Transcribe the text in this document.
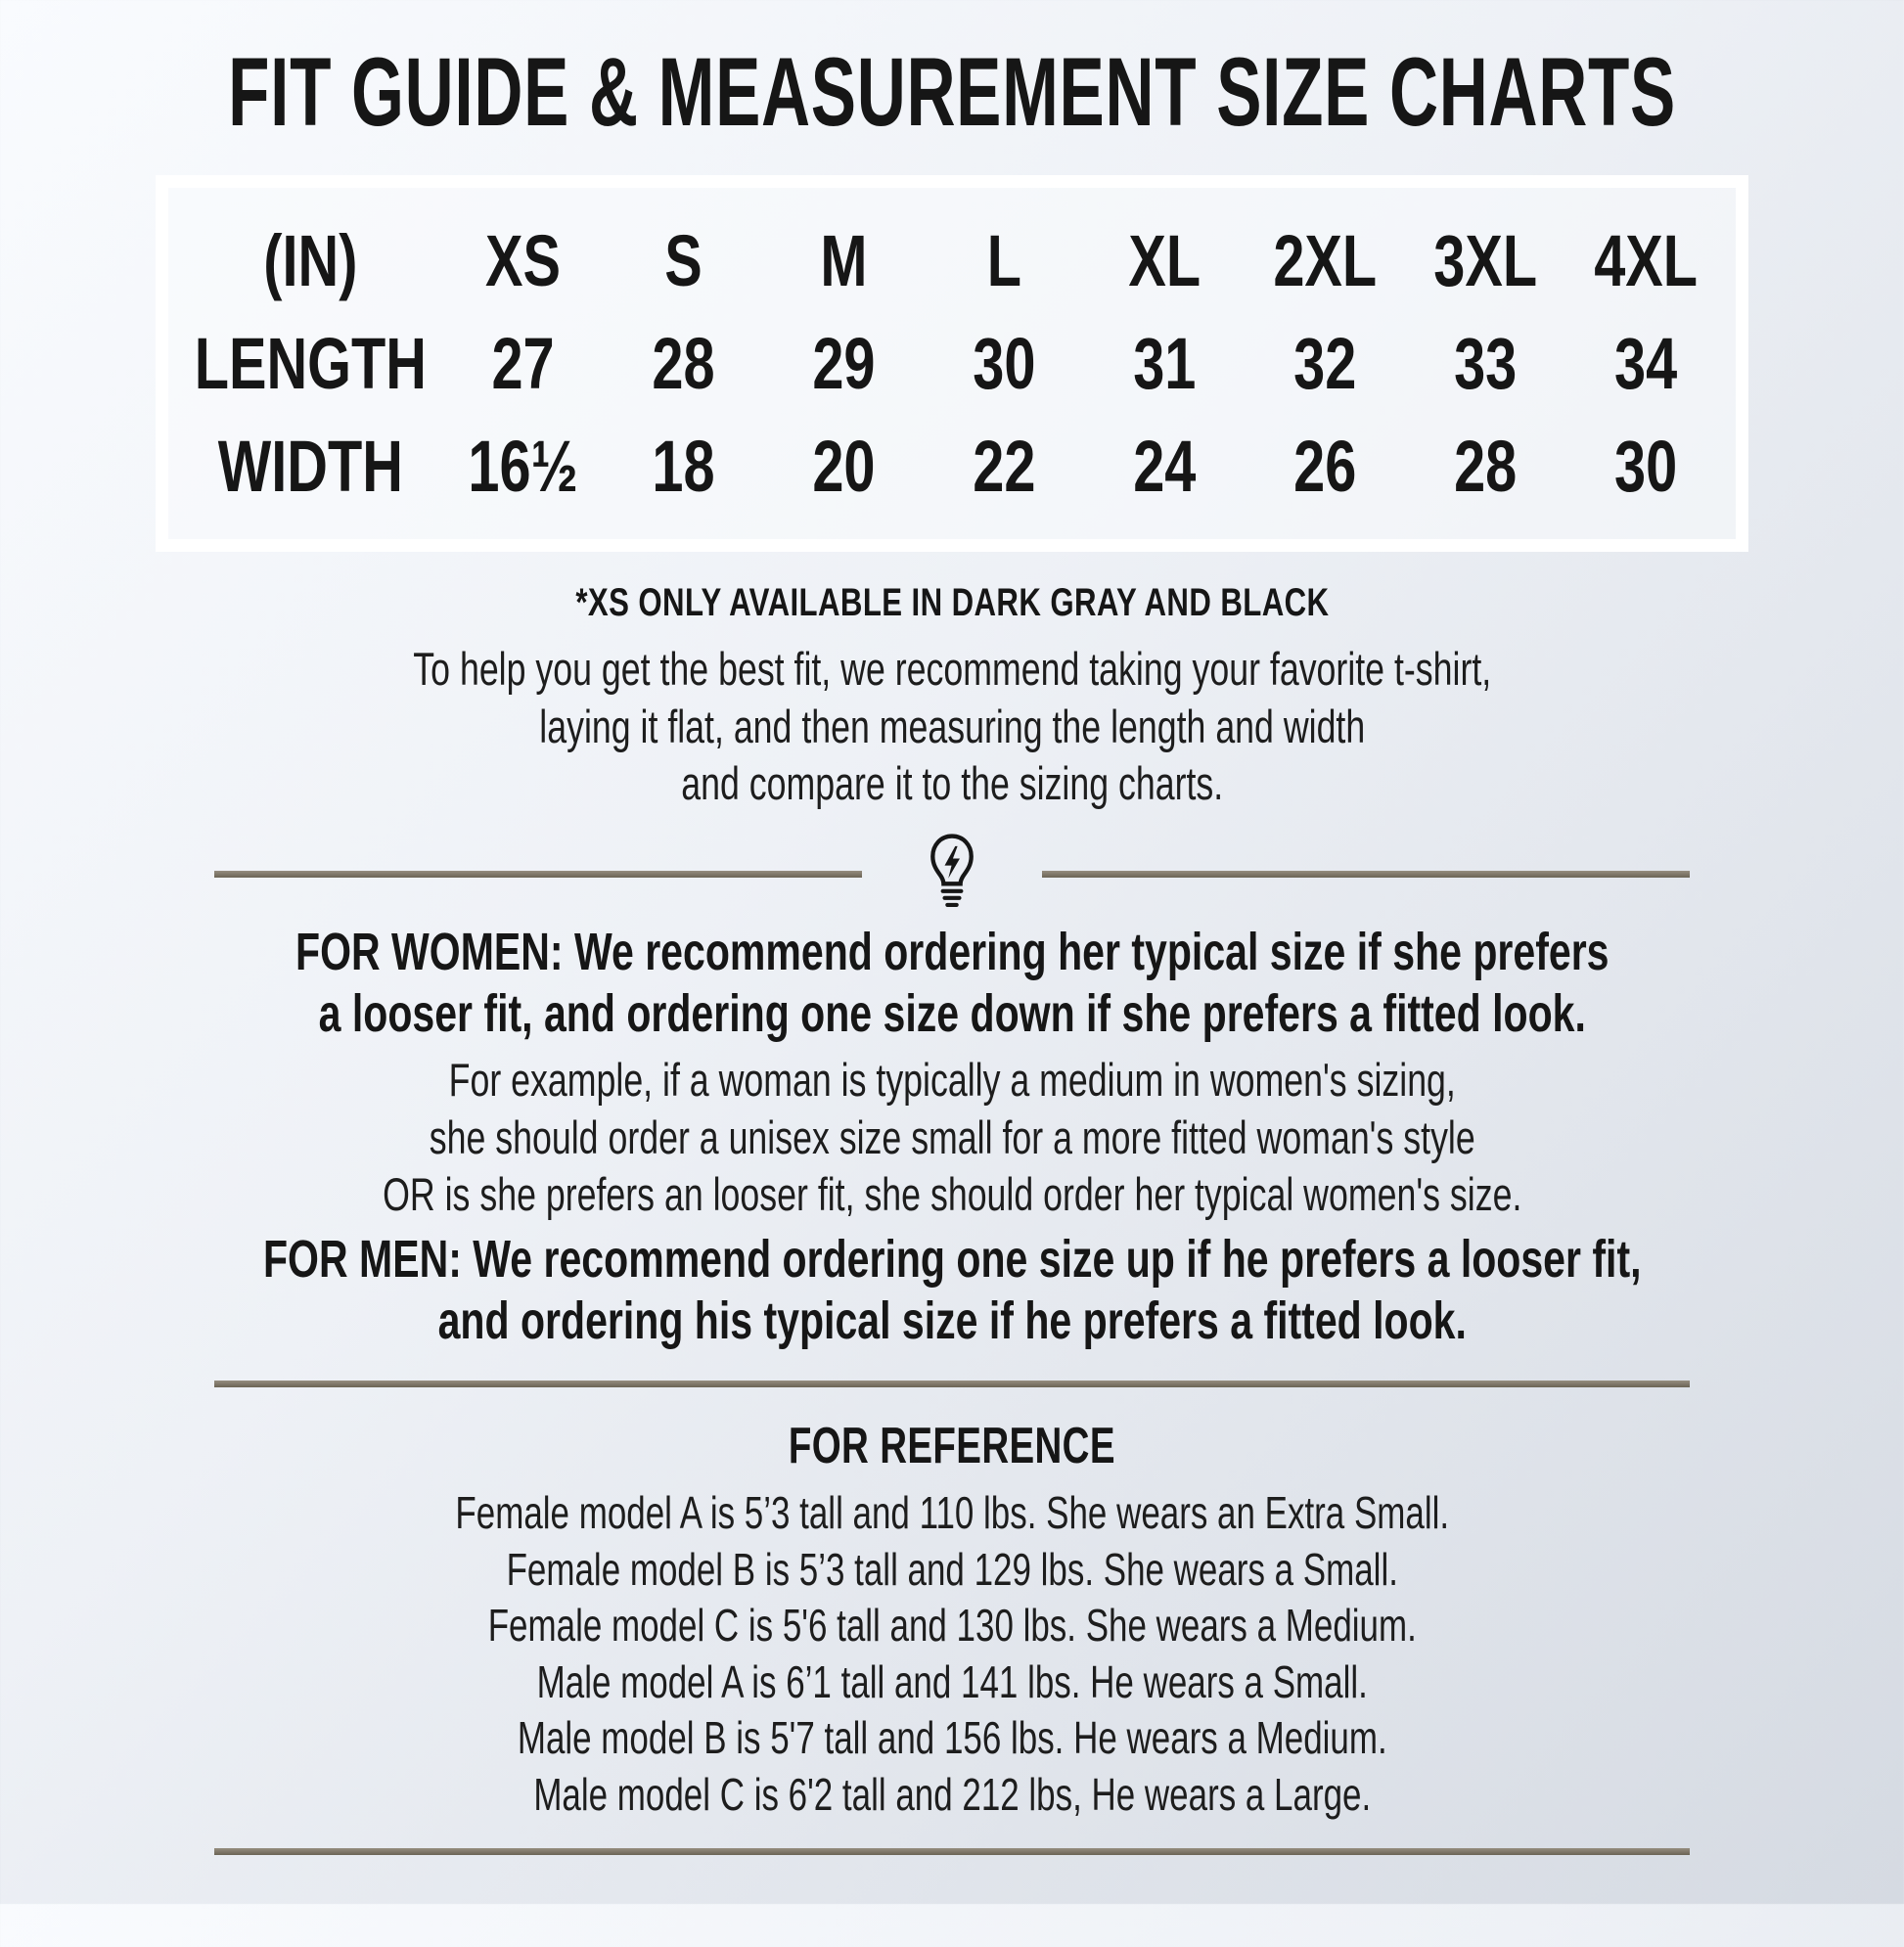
FIT GUIDE & MEASUREMENT SIZE CHARTS
(IN)	XS	S	M	L	XL	2XL 3XL 4XL
LENGTH 27	28	29	30	31	32	33	34
WIDTH 16½	18	20	22	24	26	28	30
*XS ONLY AVAILABLE IN DARK GRAY AND BLACK
To help you get the best fit, we recommend taking your favorite t-shirt,
laying it flat, and then measuring the length and width
and compare it to the sizing charts.
FOR WOMEN: We recommend ordering her typical size if she prefers
a looser fit, and ordering one size down if she prefers a fitted look.
For example, if a woman is typically a medium in women's sizing,
she should order a unisex size small for a more fitted woman's style
OR is she prefers an looser fit, she should order her typical women's size.
FOR MEN: We recommend ordering one size up if he prefers a looser fit,
and ordering his typical size if he prefers a fitted look.
FOR REFERENCE
Female model A is 5’3 tall and 110 lbs. She wears an Extra Small.
Female model B is 5’3 tall and 129 lbs. She wears a Small.
Female model C is 5'6 tall and 130 lbs. She wears a Medium.
Male model A is 6’1 tall and 141 lbs. He wears a Small.
Male model B is 5'7 tall and 156 lbs. He wears a Medium.
Male model C is 6'2 tall and 212 lbs, He wears a Large.
